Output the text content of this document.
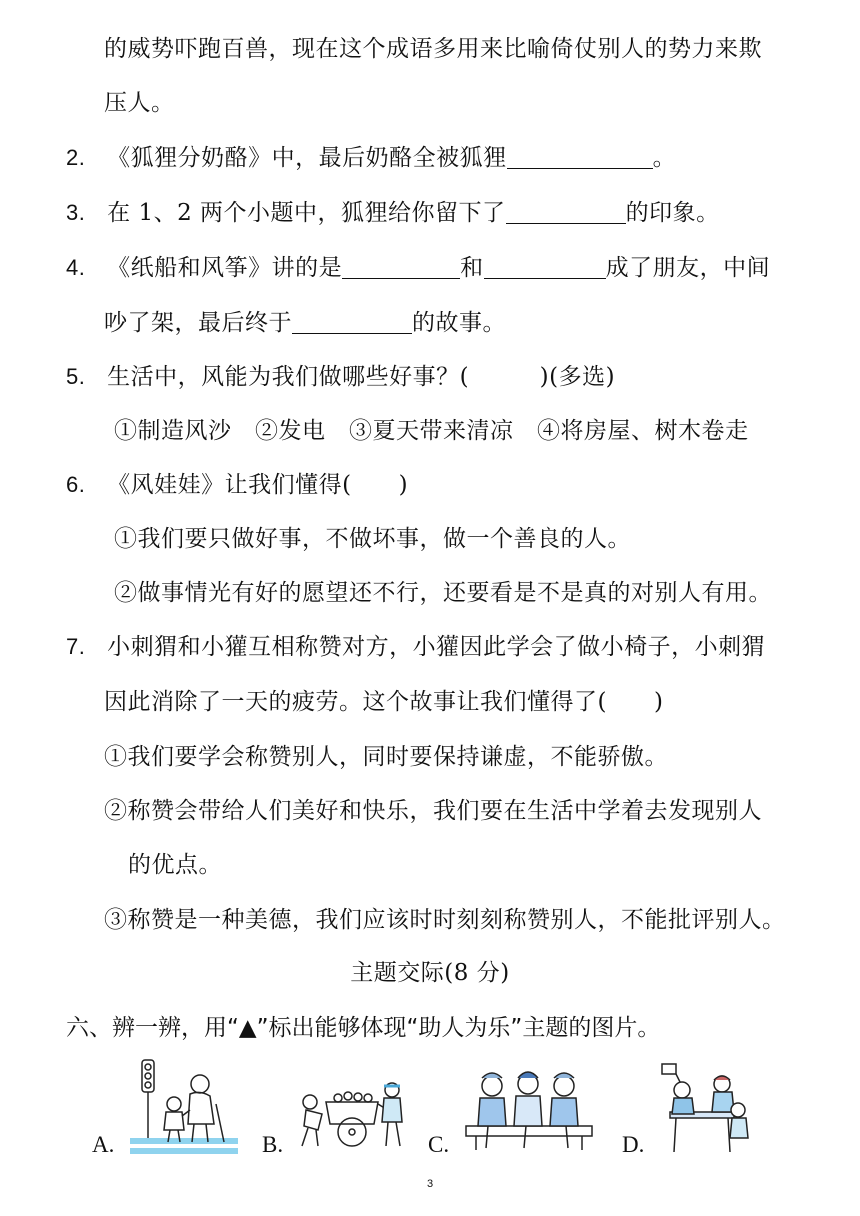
的威势吓跑百兽，现在这个成语多用来比喻倚仗别人的势力来欺
压人。
2. 《狐狸分奶酪》中，最后奶酪全被狐狸	。
3. 在 1、2 两个小题中，狐狸给你留下了	的印象。
4. 《纸船和风筝》讲的是	和	成了朋友，中间
吵了架，最后终于	的故事。
5. 生活中，风能为我们做哪些好事？(　　　)(多选)
①制造风沙　②发电　③夏天带来清凉　④将房屋、树木卷走
6. 《风娃娃》让我们懂得(　　)
①我们要只做好事，不做坏事，做一个善良的人。
②做事情光有好的愿望还不行，还要看是不是真的对别人有用。
7. 小刺猬和小獾互相称赞对方，小獾因此学会了做小椅子，小刺猬
因此消除了一天的疲劳。这个故事让我们懂得了(　　)
①我们要学会称赞别人，同时要保持谦虚，不能骄傲。
②称赞会带给人们美好和快乐，我们要在生活中学着去发现别人
的优点。
③称赞是一种美德，我们应该时时刻刻称赞别人，不能批评别人。
主题交际(8 分)
六、辨一辨，用“▲”标出能够体现“助人为乐”主题的图片。
A.	B.	C.	D.
3
